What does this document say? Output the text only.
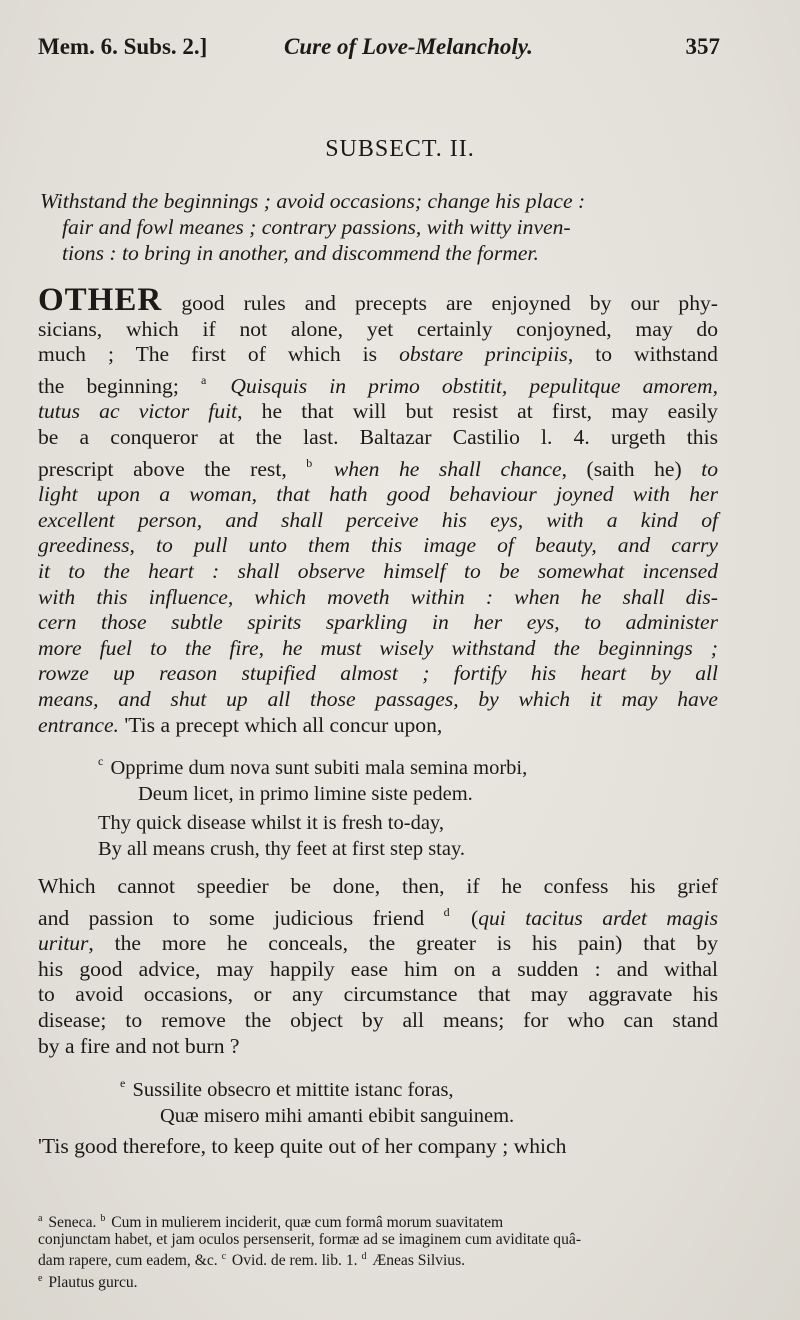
Mem. 6. Subs. 2.]	Cure of Love-Melancholy.	357
SUBSECT. II.
Withstand the beginnings ; avoid occasions; change his place :
fair and fowl meanes ; contrary passions, with witty inven-
tions : to bring in another, and discommend the former.
OTHER good rules and precepts are enjoyned by our phy-
sicians, which if not alone, yet certainly conjoyned, may do
much ; The first of which is obstare principiis, to withstand
the beginning; $^a$ Quisquis in primo obstitit, pepulitque amorem,
tutus ac victor fuit, he that will but resist at first, may easily
be a conqueror at the last. Baltazar Castilio l. 4. urgeth this
prescript above the rest, $^b$ when he shall chance, (saith he) to
light upon a woman, that hath good behaviour joyned with her
excellent person, and shall perceive his eys, with a kind of
greediness, to pull unto them this image of beauty, and carry
it to the heart : shall observe himself to be somewhat incensed
with this influence, which moveth within : when he shall dis-
cern those subtle spirits sparkling in her eys, to administer
more fuel to the fire, he must wisely withstand the beginnings ;
rowze up reason stupified almost ; fortify his heart by all
means, and shut up all those passages, by which it may have
entrance. 'Tis a precept which all concur upon,
$^c$ Opprime dum nova sunt subiti mala semina morbi,
Deum licet, in primo limine siste pedem.
Thy quick disease whilst it is fresh to-day,
By all means crush, thy feet at first step stay.
Which cannot speedier be done, then, if he confess his grief
and passion to some judicious friend $^d$ (qui tacitus ardet magis
uritur, the more he conceals, the greater is his pain) that by
his good advice, may happily ease him on a sudden : and withal
to avoid occasions, or any circumstance that may aggravate his
disease; to remove the object by all means; for who can stand
by a fire and not burn ?
$^e$ Sussilite obsecro et mittite istanc foras,
Quæ misero mihi amanti ebibit sanguinem.
'Tis good therefore, to keep quite out of her company ; which
$^a$ Seneca. $^b$ Cum in mulierem inciderit, quæ cum formâ morum suavitatem
conjunctam habet, et jam oculos persenserit, formæ ad se imaginem cum aviditate quâ-
dam rapere, cum eadem, &c. $^c$ Ovid. de rem. lib. 1. $^d$ Æneas Silvius.
$^e$ Plautus gurcu.
